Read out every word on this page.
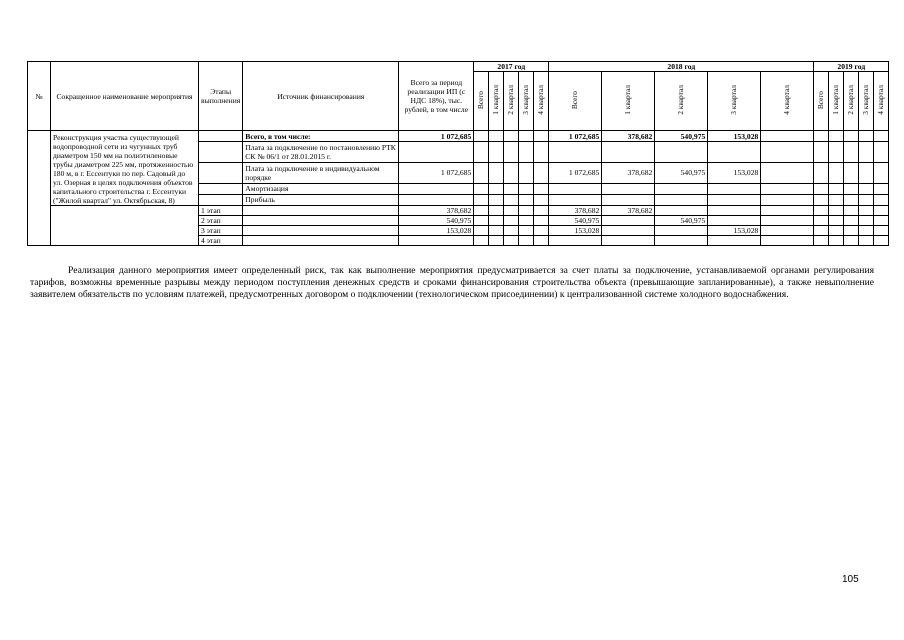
№	Сокращенное наименование мероприятия	Этапы выполнения	Источник финансирования	Всего за период реализации ИП (с НДС 18%), тыс. рублей, в том числе	2017 год					2018 год					2019 год				
					Всего	1 квартал	2 квартал	3 квартал	4 квартал	Всего	1 квартал	2 квартал	3 квартал	4 квартал	Всего	1 квартал	2 квартал	3 квартал	4 квартал
	Реконструкция участка существующей водопроводной сети из чугунных труб диаметром 150 мм на полиэтиленовые трубы диаметром 225 мм, протяженностью 180 м, в г. Ессентуки по пер. Садовый до ул. Озерная в целях подключения объектов капитального строительства г. Ессентуки ("Жилой квартал" ул. Октябрьская, 8)		Всего, в том числе:	1 072,685						1 072,685	378,682	540,975	153,028						
			Плата за подключение по постановлению РТК СК № 06/1 от 28.01.2015 г.																
			Плата за подключение в индивидуальном порядке	1 072,685						1 072,685	378,682	540,975	153,028						
			Амортизация																
			Прибыль																
		1 этап		378,682						378,682	378,682								
		2 этап		540,975						540,975		540,975							
		3 этап		153,028						153,028			153,028						
		4 этап																	

Реализация данного мероприятия имеет определенный риск, так как выполнение мероприятия предусматривается за счет платы за подключение, устанавливаемой органами регулирования тарифов, возможны временные разрывы между периодом поступления денежных средств и сроками финансирования строительства объекта (превышающие запланированные), а также невыполнение заявителем обязательств по условиям платежей, предусмотренных договором о подключении (технологическом присоединении) к централизованной системе холодного водоснабжения.

105
